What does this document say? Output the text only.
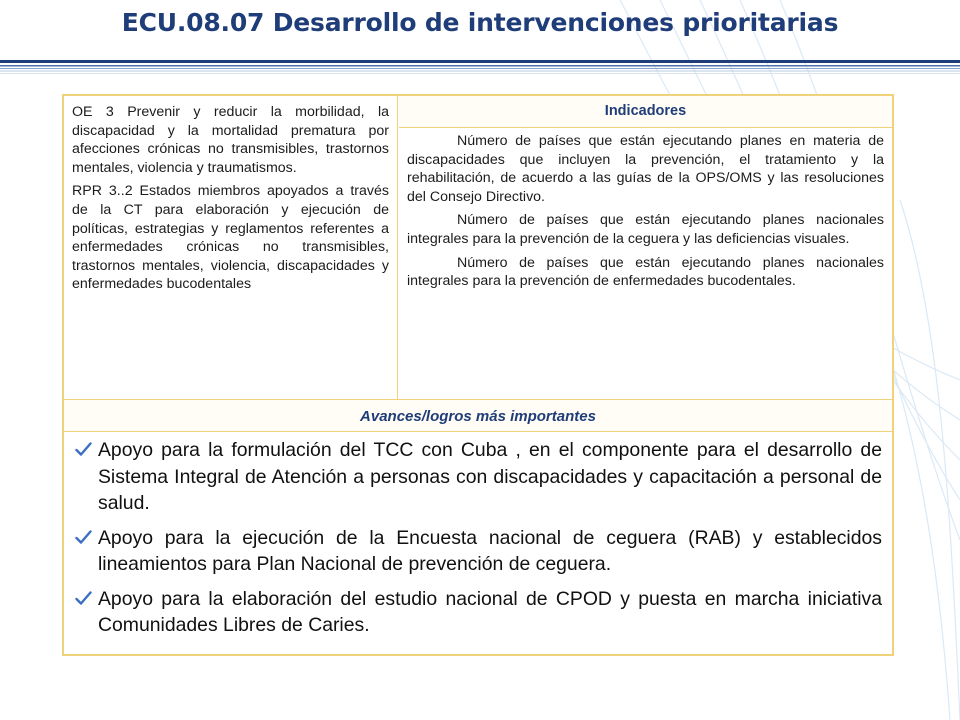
ECU.08.07 Desarrollo de intervenciones prioritarias

OE 3 Prevenir y reducir la morbilidad, la discapacidad y la mortalidad prematura por afecciones crónicas no transmisibles, trastornos mentales, violencia y traumatismos.

RPR 3..2 Estados miembros apoyados a través de la CT para elaboración y ejecución de políticas, estrategias y reglamentos referentes a enfermedades crónicas no transmisibles, trastornos mentales, violencia, discapacidades y enfermedades bucodentales

Indicadores

Número de países que están ejecutando planes en materia de discapacidades que incluyen la prevención, el tratamiento y la rehabilitación, de acuerdo a las guías de la OPS/OMS y las resoluciones del Consejo Directivo.

Número de países que están ejecutando planes nacionales integrales para la prevención de la ceguera y las deficiencias visuales.

Número de países que están ejecutando planes nacionales integrales para la prevención de enfermedades bucodentales.

Avances/logros más importantes
Apoyo para la formulación del TCC con Cuba , en el componente para el desarrollo de Sistema Integral de Atención a personas con discapacidades y capacitación a personal de salud.
Apoyo para la ejecución de la Encuesta nacional de ceguera (RAB) y establecidos lineamientos para Plan Nacional de prevención de ceguera.
Apoyo para la elaboración del estudio nacional de CPOD y puesta en marcha iniciativa Comunidades Libres de Caries.
